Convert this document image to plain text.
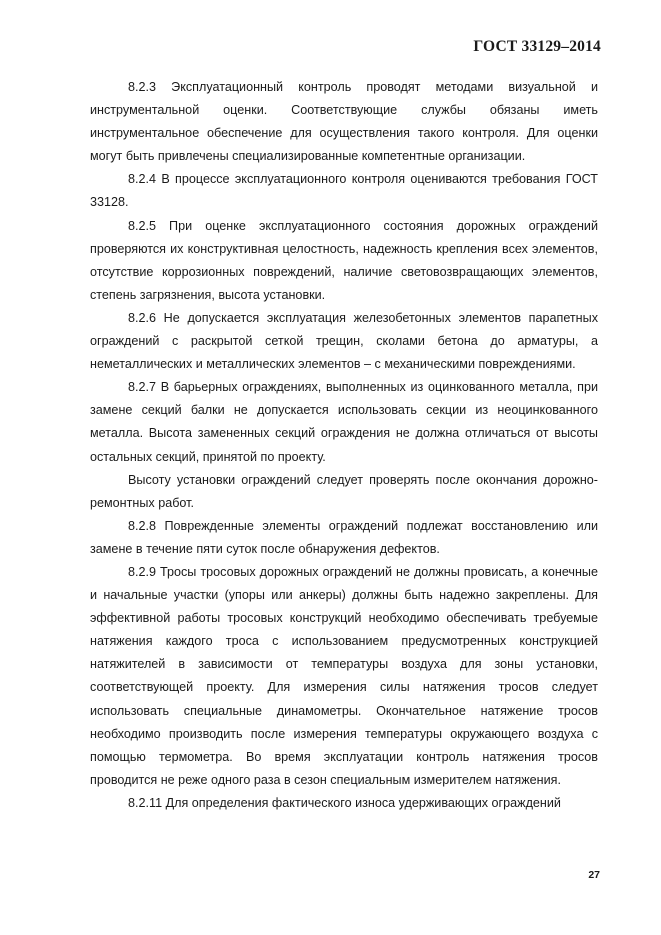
ГОСТ 33129–2014

8.2.3 Эксплуатационный контроль проводят методами визуальной и инструментальной оценки. Соответствующие службы обязаны иметь инструментальное обеспечение для осуществления такого контроля. Для оценки могут быть привлечены специализированные компетентные организации.

8.2.4 В процессе эксплуатационного контроля оцениваются требования ГОСТ 33128.

8.2.5 При оценке эксплуатационного состояния дорожных ограждений проверяются их конструктивная целостность, надежность крепления всех элементов, отсутствие коррозионных повреждений, наличие световозвращающих элементов, степень загрязнения, высота установки.

8.2.6 Не допускается эксплуатация железобетонных элементов парапетных ограждений с раскрытой сеткой трещин, сколами бетона до арматуры, а неметаллических и металлических элементов – с механическими повреждениями.

8.2.7 В барьерных ограждениях, выполненных из оцинкованного металла, при замене секций балки не допускается использовать секции из неоцинкованного металла. Высота замененных секций ограждения не должна отличаться от высоты остальных секций, принятой по проекту.

Высоту установки ограждений следует проверять после окончания дорожно-ремонтных работ.

8.2.8 Поврежденные элементы ограждений подлежат восстановлению или замене в течение пяти суток после обнаружения дефектов.

8.2.9 Тросы тросовых дорожных ограждений не должны провисать, а конечные и начальные участки (упоры или анкеры) должны быть надежно закреплены. Для эффективной работы тросовых конструкций необходимо обеспечивать требуемые натяжения каждого троса с использованием предусмотренных конструкцией натяжителей в зависимости от температуры воздуха для зоны установки, соответствующей проекту. Для измерения силы натяжения тросов следует использовать специальные динамометры. Окончательное натяжение тросов необходимо производить после измерения температуры окружающего воздуха с помощью термометра. Во время эксплуатации контроль натяжения тросов проводится не реже одного раза в сезон специальным измерителем натяжения.

8.2.11 Для определения фактического износа удерживающих ограждений

27
